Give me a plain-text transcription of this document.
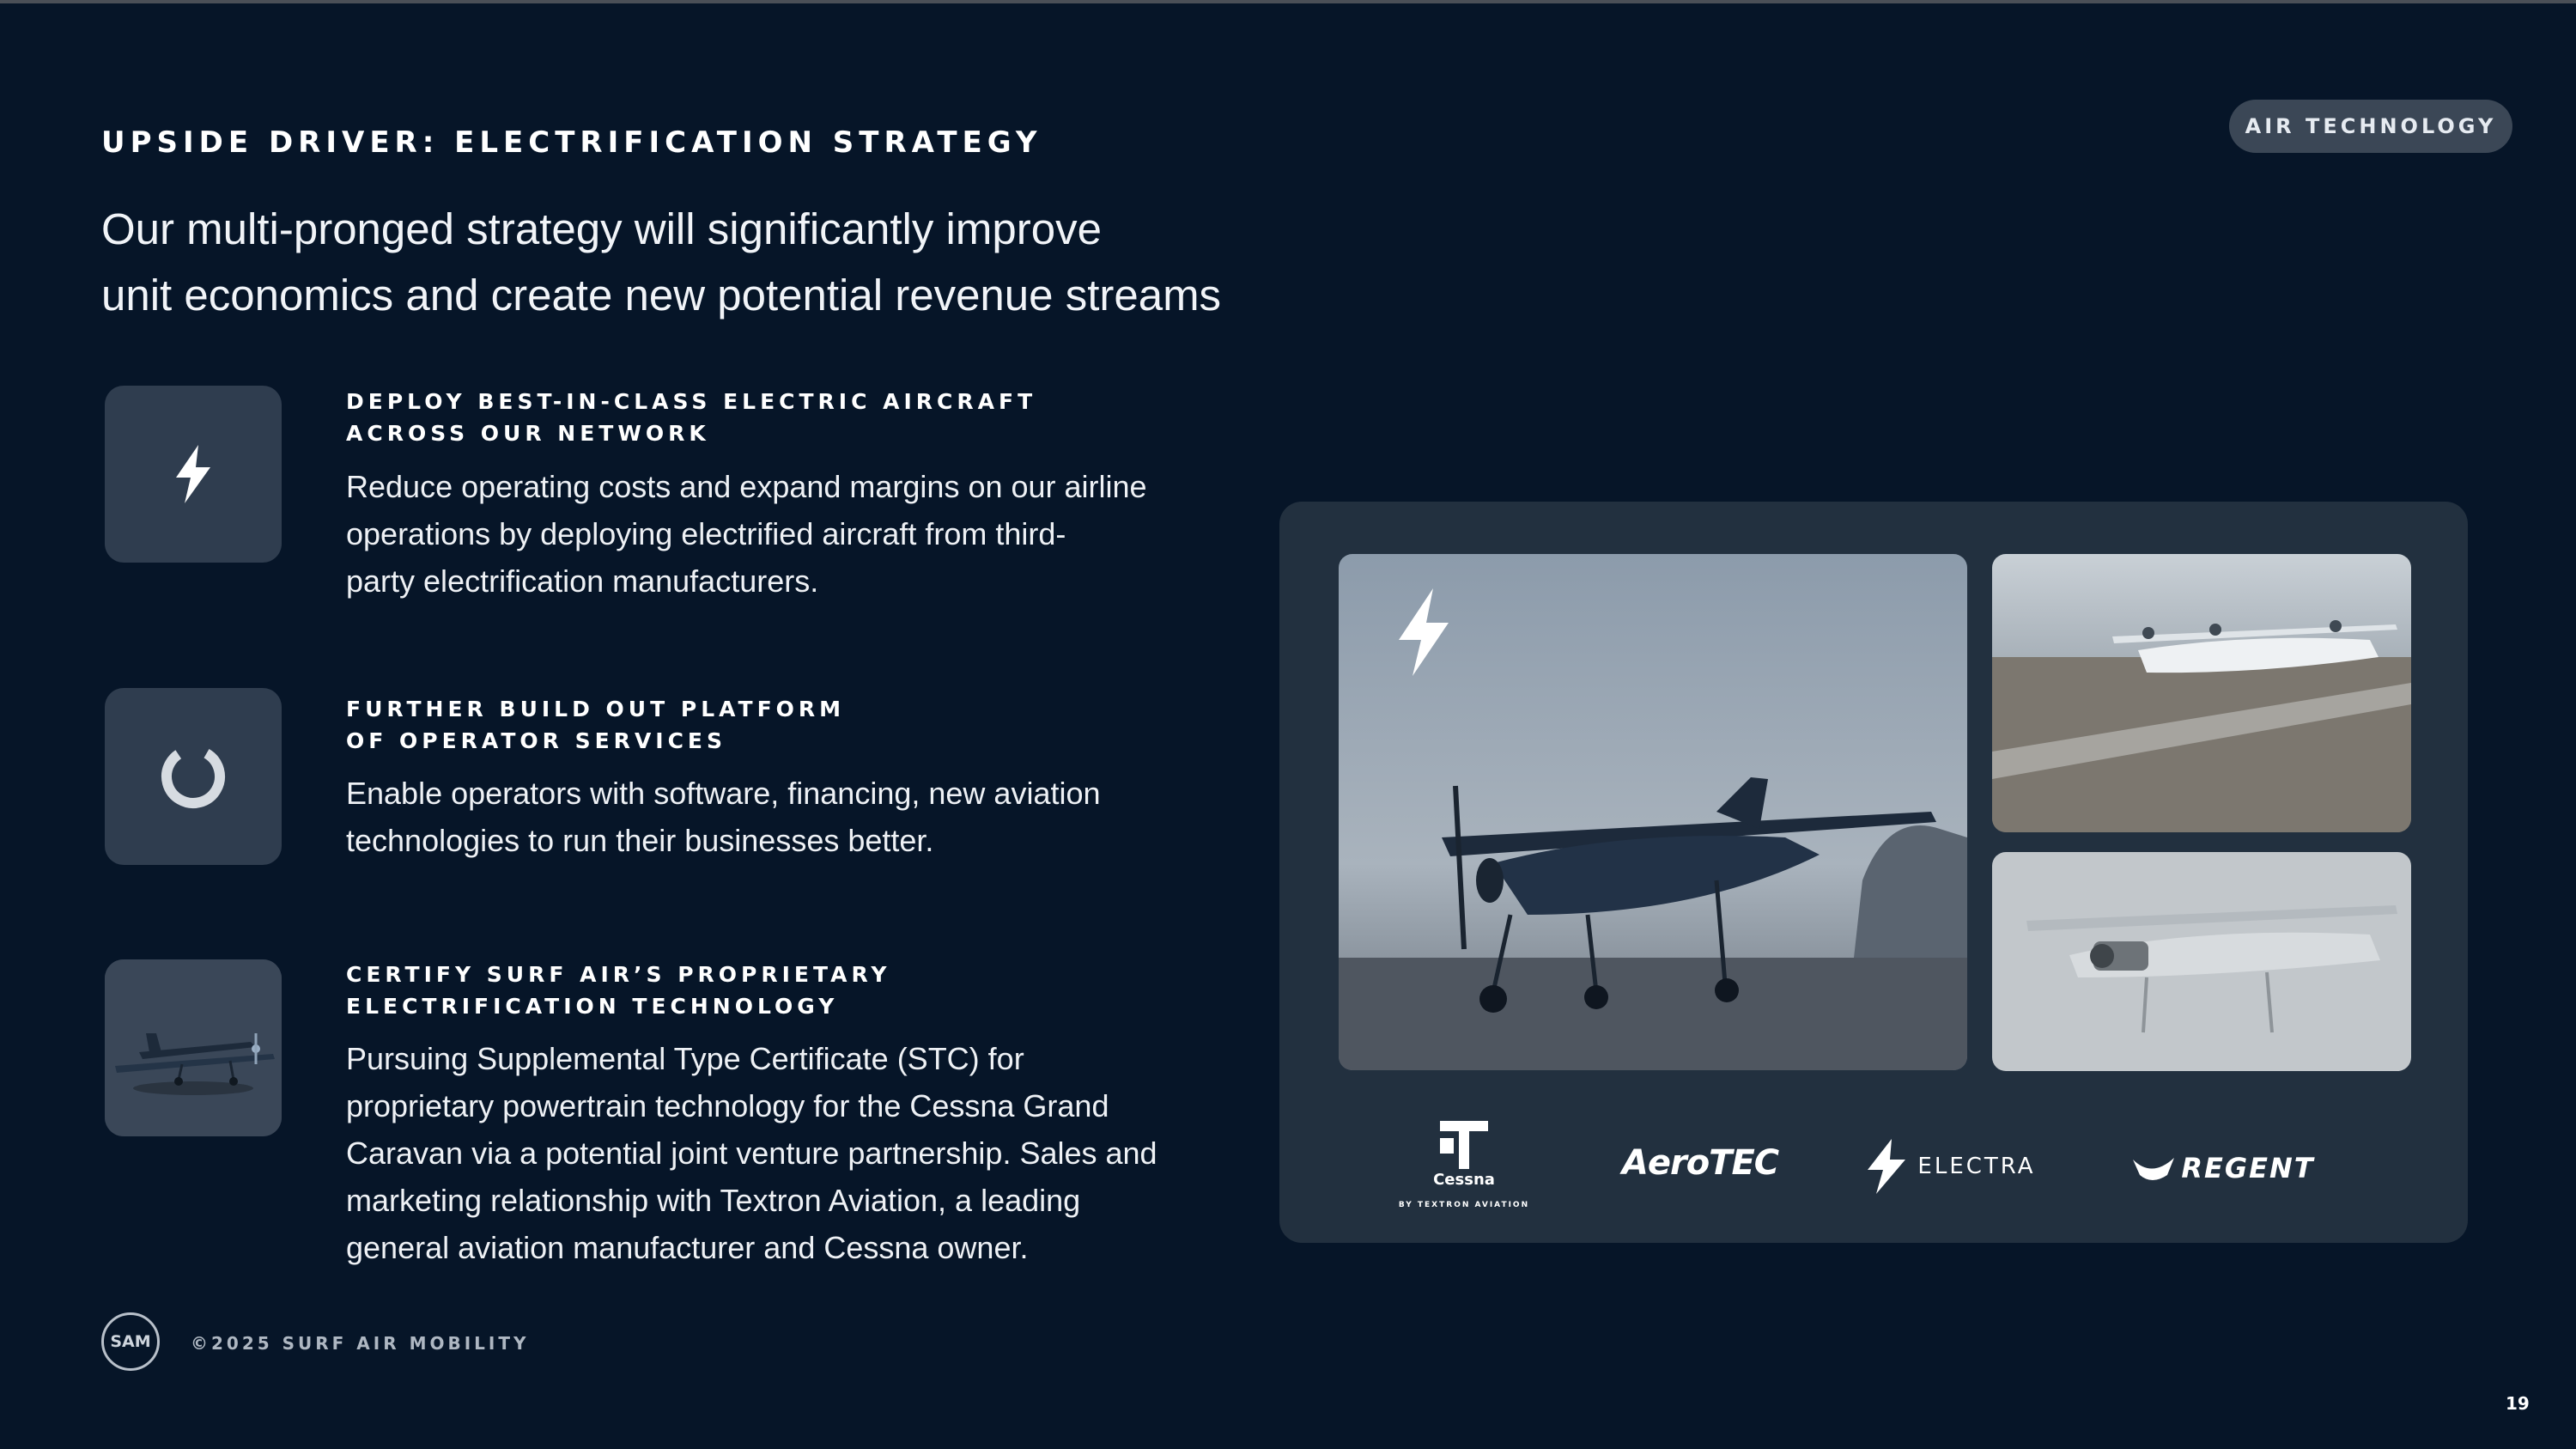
UPSIDE DRIVER: ELECTRIFICATION STRATEGY	AIR TECHNOLOGY
Our multi-pronged strategy will significantly improve
unit economics and create new potential revenue streams
DEPLOY BEST-IN-CLASS ELECTRIC AIRCRAFT
ACROSS OUR NETWORK
Reduce operating costs and expand margins on our airline
operations by deploying electrified aircraft from third-
party electrification manufacturers.
FURTHER BUILD OUT PLATFORM
OF OPERATOR SERVICES
Enable operators with software, financing, new aviation
technologies to run their businesses better.
CERTIFY SURF AIR’S PROPRIETARY
ELECTRIFICATION TECHNOLOGY
Pursuing Supplemental Type Certificate (STC) for
proprietary powertrain technology for the Cessna Grand
Caravan via a potential joint venture partnership. Sales and
marketing relationship with Textron Aviation, a leading
general aviation manufacturer and Cessna owner.
Cessna
BY TEXTRON AVIATION
AeroTEC	ELECTRA	REGENT
SAM	©2025 SURF AIR MOBILITY
19
